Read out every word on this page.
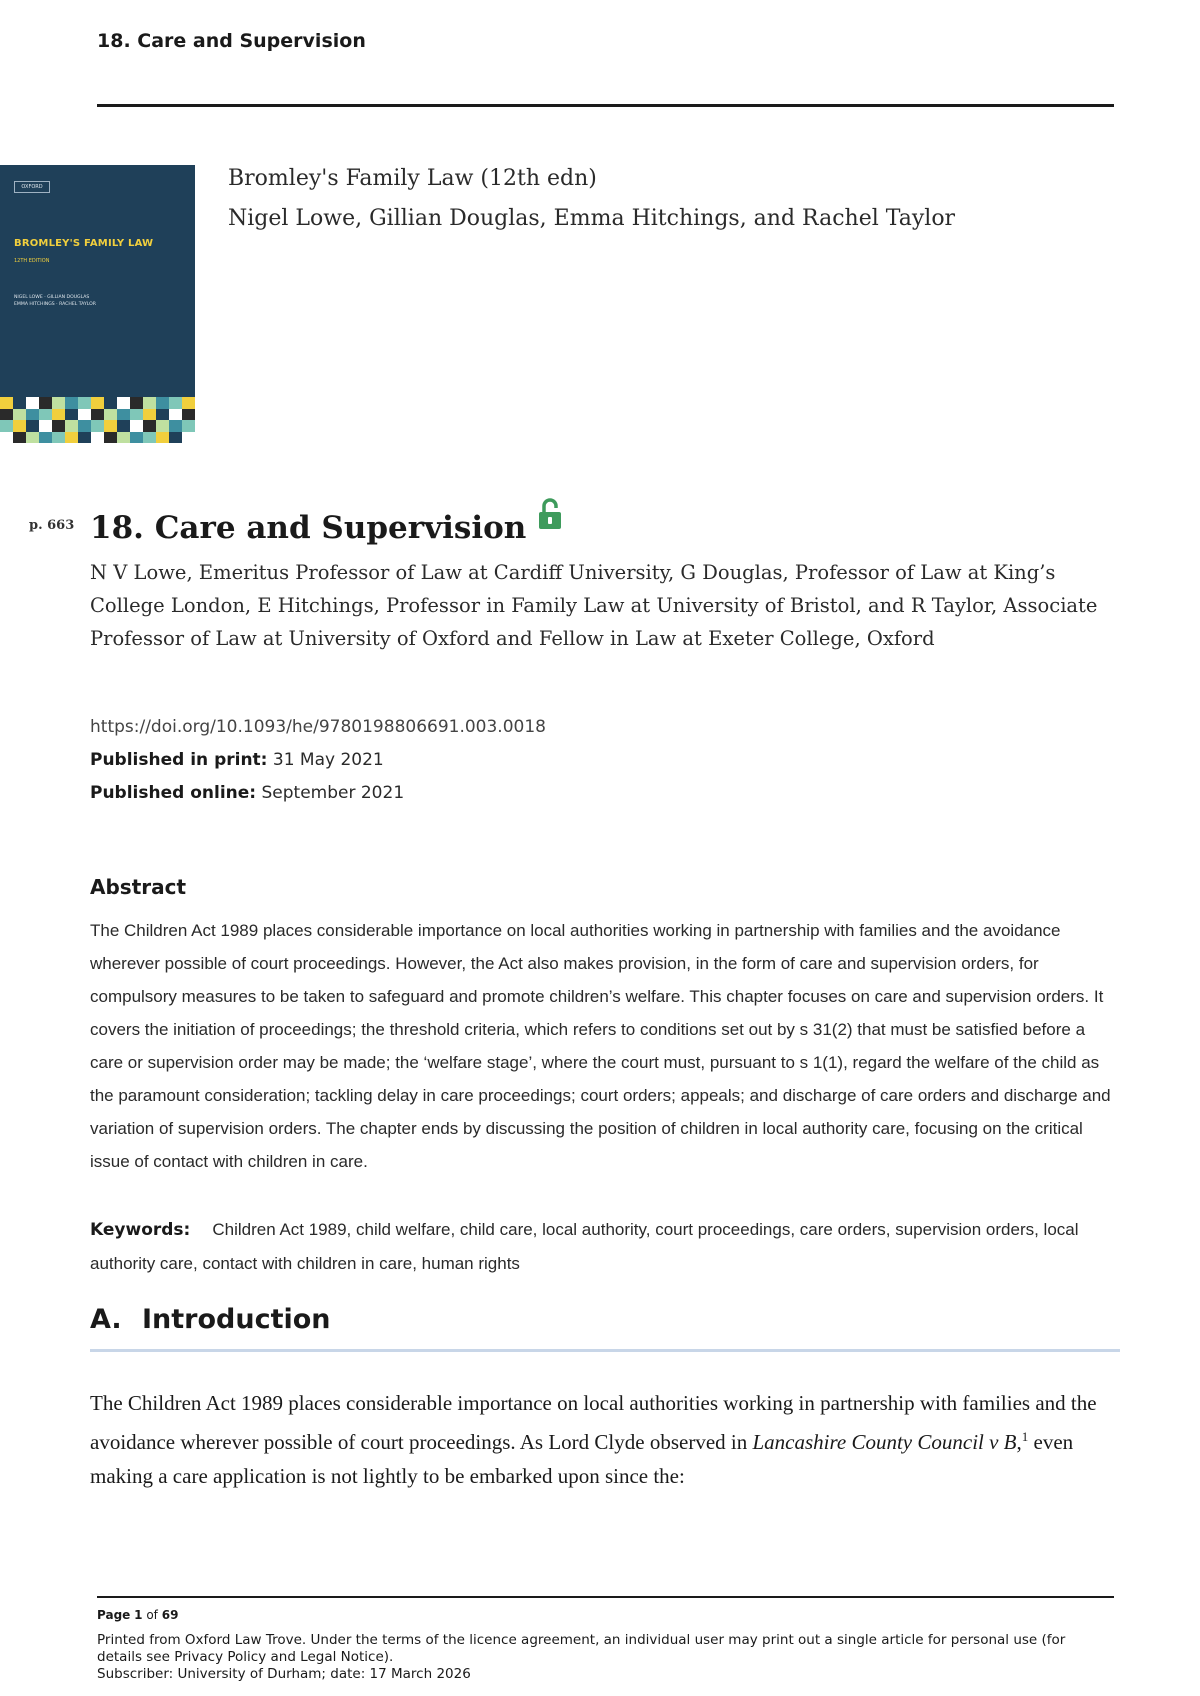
18. Care and Supervision
OXFORD
BROMLEY'S FAMILY LAW
12TH EDITION
NIGEL LOWE · GILLIAN DOUGLAS
EMMA HITCHINGS · RACHEL TAYLOR
Bromley's Family Law (12th edn)
Nigel Lowe, Gillian Douglas, Emma Hitchings, and Rachel Taylor
p. 663 18. Care and Supervision
N V Lowe, Emeritus Professor of Law at Cardiff University, G Douglas, Professor of Law at King’s College London, E Hitchings, Professor in Family Law at University of Bristol, and R Taylor, Associate Professor of Law at University of Oxford and Fellow in Law at Exeter College, Oxford
https://doi.org/10.1093/he/9780198806691.003.0018
Published in print: 31 May 2021
Published online: September 2021
Abstract
The Children Act 1989 places considerable importance on local authorities working in partnership with families and the avoidance wherever possible of court proceedings. However, the Act also makes provision, in the form of care and supervision orders, for compulsory measures to be taken to safeguard and promote children’s welfare. This chapter focuses on care and supervision orders. It covers the initiation of proceedings; the threshold criteria, which refers to conditions set out by s 31(2) that must be satisfied before a care or supervision order may be made; the ‘welfare stage’, where the court must, pursuant to s 1(1), regard the welfare of the child as the paramount consideration; tackling delay in care proceedings; court orders; appeals; and discharge of care orders and discharge and variation of supervision orders. The chapter ends by discussing the position of children in local authority care, focusing on the critical issue of contact with children in care.
Keywords: Children Act 1989, child welfare, child care, local authority, court proceedings, care orders, supervision orders, local authority care, contact with children in care, human rights
A. Introduction
The Children Act 1989 places considerable importance on local authorities working in partnership with families and the avoidance wherever possible of court proceedings. As Lord Clyde observed in Lancashire County Council v B,$^1$ even making a care application is not lightly to be embarked upon since the:
Page 1 of 69
Printed from Oxford Law Trove. Under the terms of the licence agreement, an individual user may print out a single article for personal use (for details see Privacy Policy and Legal Notice).
Subscriber: University of Durham; date: 17 March 2026
